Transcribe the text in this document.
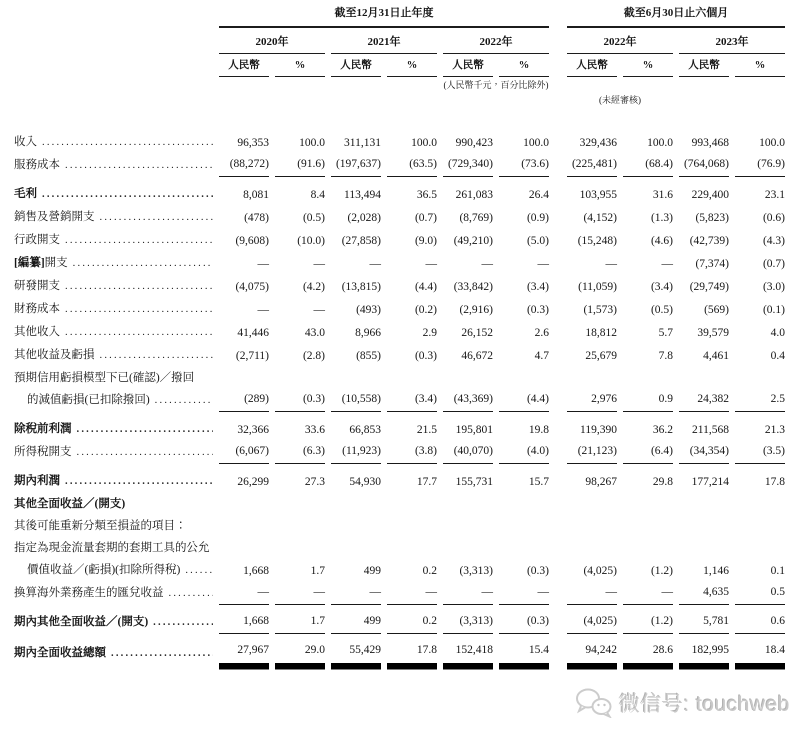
截至12月31日止年度	截至6月30日止六個月
2020年	2021年	2022年	2022年	2023年
人民幣	%	人民幣	%	人民幣	%	人民幣	%	人民幣	%
(人民幣千元，百分比除外)
(未經審核)
收入 .....	96,353	100.0	311,131	100.0	990,423	100.0	329,436	100.0	993,468	100.0
服務成本 .....	(88,272)	(91.6) (197,637)	(63.5) (729,340)	(73.6)	(225,481)	(68.4) (764,068)	(76.9)
毛利 .....	8,081	8.4	113,494	36.5	261,083	26.4	103,955	31.6	229,400	23.1
銷售及營銷開支 .....	(478)	(0.5)	(2,028)	(0.7)	(8,769)	(0.9)	(4,152)	(1.3)	(5,823)	(0.6)
行政開支 .....	(9,608)	(10.0)	(27,858)	(9.0)	(49,210)	(5.0)	(15,248)	(4.6)	(42,739)	(4.3)
[編纂]開支 .....	—	—	—	—	—	—	—	—	(7,374)	(0.7)
研發開支 .....	(4,075)	(4.2)	(13,815)	(4.4)	(33,842)	(3.4)	(11,059)	(3.4)	(29,749)	(3.0)
財務成本 .....	—	—	(493)	(0.2)	(2,916)	(0.3)	(1,573)	(0.5)	(569)	(0.1)
其他收入 .....	41,446	43.0	8,966	2.9	26,152	2.6	18,812	5.7	39,579	4.0
其他收益及虧損 .....	(2,711)	(2.8)	(855)	(0.3)	46,672	4.7	25,679	7.8	4,461	0.4
預期信用虧損模型下已(確認)／撥回
的減值虧損(已扣除撥回) .....	(289)	(0.3)	(10,558)	(3.4)	(43,369)	(4.4)	2,976	0.9	24,382	2.5
除稅前利潤 .....	32,366	33.6	66,853	21.5	195,801	19.8	119,390	36.2	211,568	21.3
所得稅開支 .....	(6,067)	(6.3)	(11,923)	(3.8)	(40,070)	(4.0)	(21,123)	(6.4)	(34,354)	(3.5)
期內利潤 .....	26,299	27.3	54,930	17.7	155,731	15.7	98,267	29.8	177,214	17.8
其他全面收益／(開支)
其後可能重新分類至損益的項目：
指定為現金流量套期的套期工具的公允
價值收益／(虧損)(扣除所得稅) .....	1,668	1.7	499	0.2	(3,313)	(0.3)	(4,025)	(1.2)	1,146	0.1
換算海外業務產生的匯兌收益 .....	—	—	—	—	—	—	—	—	4,635	0.5
期內其他全面收益／(開支) .....	1,668	1.7	499	0.2	(3,313)	(0.3)	(4,025)	(1.2)	5,781	0.6
期內全面收益總額 .....	27,967	29.0	55,429	17.8	152,418	15.4	94,242	28.6	182,995	18.4
微信号: touchweb
